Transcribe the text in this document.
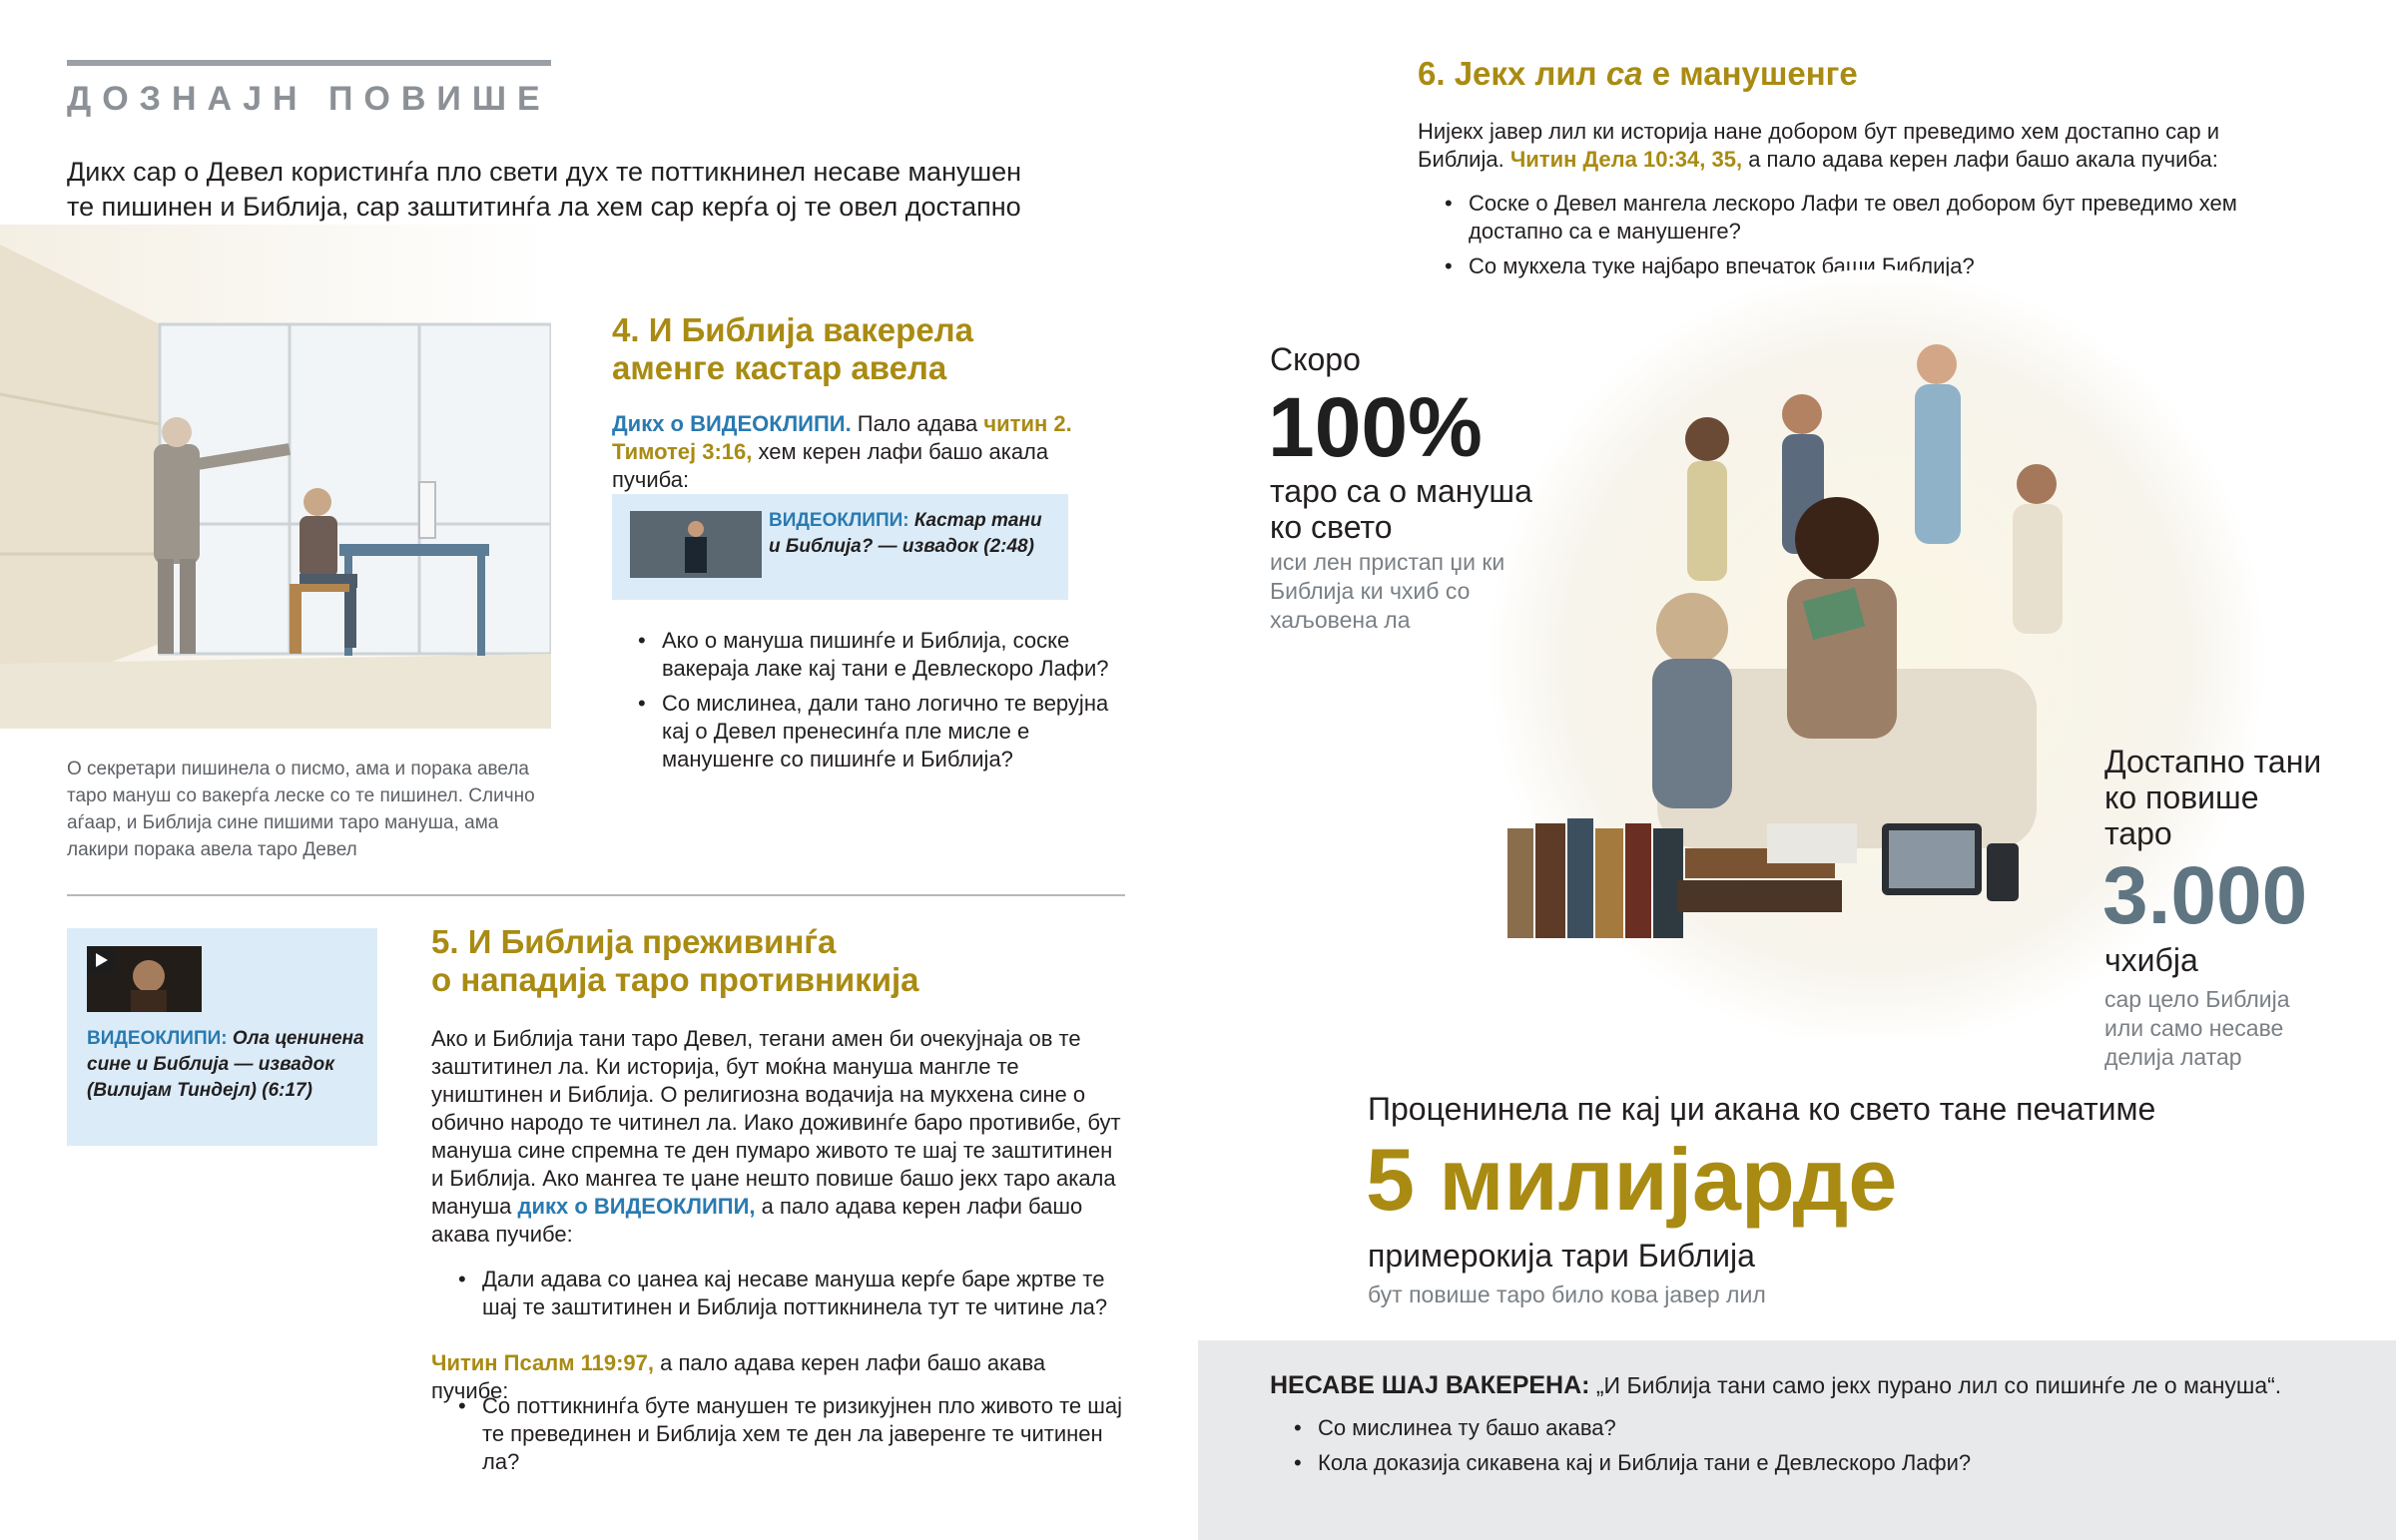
ДОЗНАЈН ПОВИШЕ
Дикх сар о Девел користинѓа пло свети дух те поттикнинел несаве манушен те пишинен и Библија, сар заштитинѓа ла хем сар керѓа ој те овел достапно
О секретари пишинела о писмо, ама и порака авела таро мануш со вакерѓа леске со те пишинел. Слично аѓаар, и Библија сине пишими таро мануша, ама лакири порака авела таро Девел
4. И Библија вакерела
аменге кастар авела
Дикх о ВИДЕОКЛИПИ. Пало адава читин 2. Тимотеј 3:16, хем керен лафи башо акала пучиба:
ВИДЕОКЛИПИ: Кастар тани и Библија? — извадок (2:48)
• Ако о мануша пишинѓе и Библија, соске вакерaја лаке кај тани е Девлескоро Лафи?
• Со мислинеа, дали тано логично те верујна кај о Девел пренесинѓа пле мисле е манушенге со пишинѓе и Библија?
ВИДЕОКЛИПИ: Ола ценинена сине и Библија — извадок (Вилијам Тиндејл) (6:17)
5. И Библија преживинѓа
о нападија таро противникија
Ако и Библија тани таро Девел, тегани амен би очекујнаја ов те заштитинел ла. Ки историја, бут моќна мануша мангле те уништинен и Библија. О религиозна водачија на мукхена сине о обично народо те читинел ла. Иако доживинѓе баро противибе, бут мануша сине спремна те ден пумаро живото те шај те заштитинен и Библија. Ако мангеа те џане нешто повише башо јекх таро акала мануша дикх о ВИДЕОКЛИПИ, а пало адава керен лафи башо акава пучибе:
• Дали адава со џанеа кај несаве мануша керѓе баре жртве те шај те заштитинен и Библија поттикнинела тут те читине ла?
Читин Псалм 119:97, а пало адава керен лафи башо акава пучибе:
• Со поттикнинѓа буте манушен те ризикујнен пло живото те шај те превединен и Библија хем те ден ла јаверенге те читинен ла?
6. Јекх лил са е манушенге
Нијекх јавер лил ки историја нане добором бут преведимо хем достапно сар и Библија. Читин Дела 10:34, 35, а пало адава керен лафи башо акала пучиба:
• Соске о Девел мангела лескоро Лафи те овел добором бут преведимо хем достапно са е манушенге?
• Со мукхела туке најбаро впечаток баши Библија?
Скоро
100%
таро са о мануша ко свето
иси лен пристап џи ки Библија ки чхиб со хаљовена ла
Достапно тани ко повише таро
3.000
чхибја
сар цело Библија или само несаве делија латар
Проценинела пе кај џи акана ко свето тане печатиме
5 милијарде
примерокија тари Библија
бут повише таро било кова јавер лил
НЕСАВЕ ШАЈ ВАКЕРЕНА: „И Библија тани само јекх пурано лил со пишинѓе ле о мануша“.
• Со мислинеа ту башо акава?
• Кола доказија сикавена кај и Библија тани е Девлескоро Лафи?
